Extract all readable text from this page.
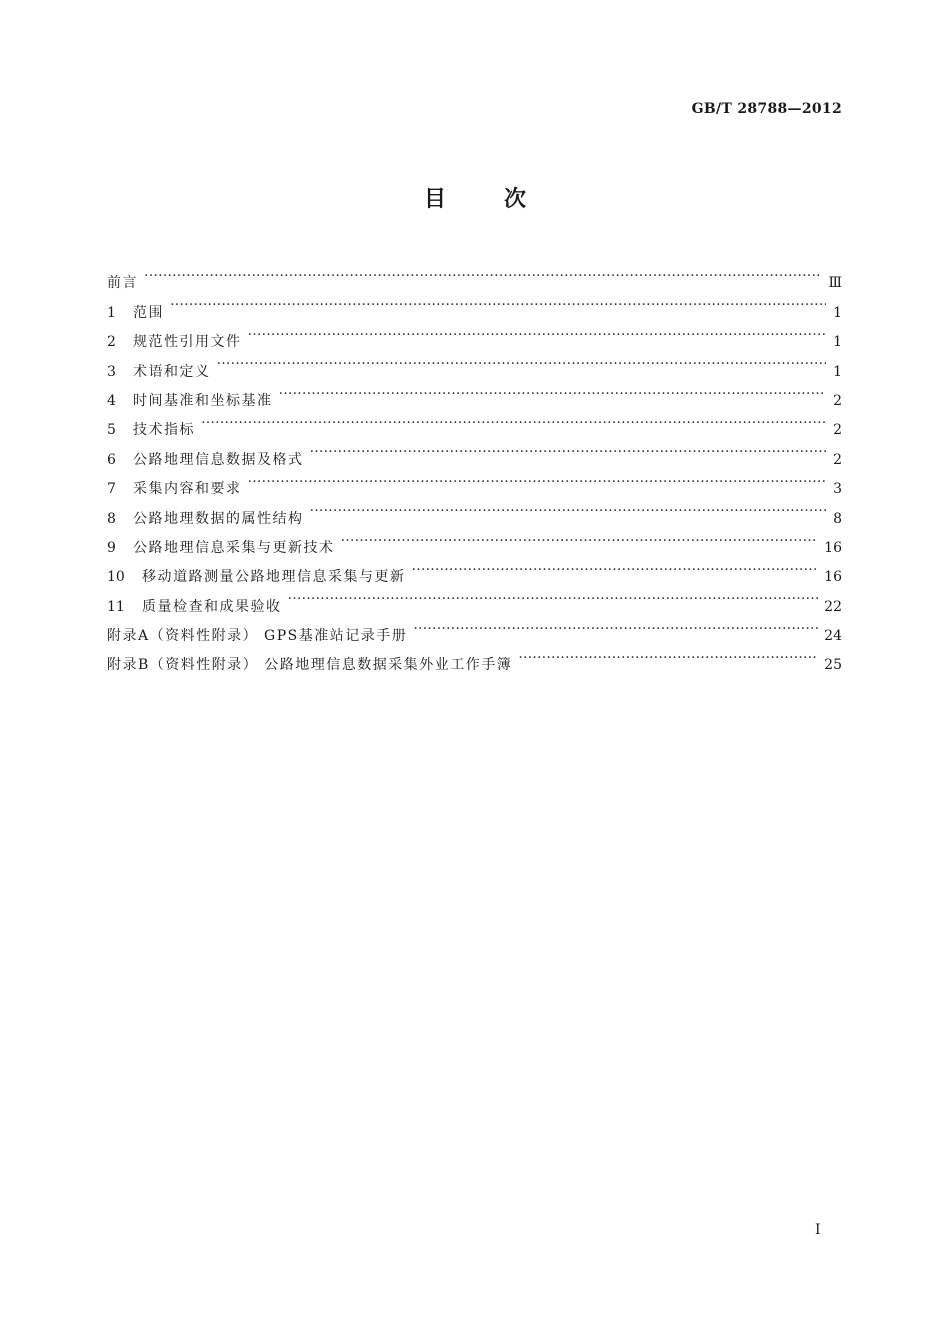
GB/T 28788—2012
目	次
前言 ……………………………………………………………………………………………………………………………………………………………………………………………………	Ⅲ
1	范围 ……………………………………………………………………………………………………………………………………………………………………………………………………	1
2	规范性引用文件 ……………………………………………………………………………………………………………………………………………………………………………………………………	1
3	术语和定义 ……………………………………………………………………………………………………………………………………………………………………………………………………	1
4	时间基准和坐标基准 ……………………………………………………………………………………………………………………………………………………………………………………………………	2
5	技术指标 ……………………………………………………………………………………………………………………………………………………………………………………………………	2
6	公路地理信息数据及格式 ……………………………………………………………………………………………………………………………………………………………………………………………………	2
7	采集内容和要求 ……………………………………………………………………………………………………………………………………………………………………………………………………	3
8	公路地理数据的属性结构 ……………………………………………………………………………………………………………………………………………………………………………………………………	8
9	公路地理信息采集与更新技术 ……………………………………………………………………………………………………………………………………………………………………………………………………	16
10	移动道路测量公路地理信息采集与更新 ……………………………………………………………………………………………………………………………………………………………………………………………………	16
11	质量检查和成果验收 ……………………………………………………………………………………………………………………………………………………………………………………………………	22
附录A（资料性附录） GPS基准站记录手册 ……………………………………………………………………………………………………………………………………………………………………………………………………	24
附录B（资料性附录） 公路地理信息数据采集外业工作手簿 ……………………………………………………………………………………………………………………………………………………………………………………………………	25
Ⅰ
